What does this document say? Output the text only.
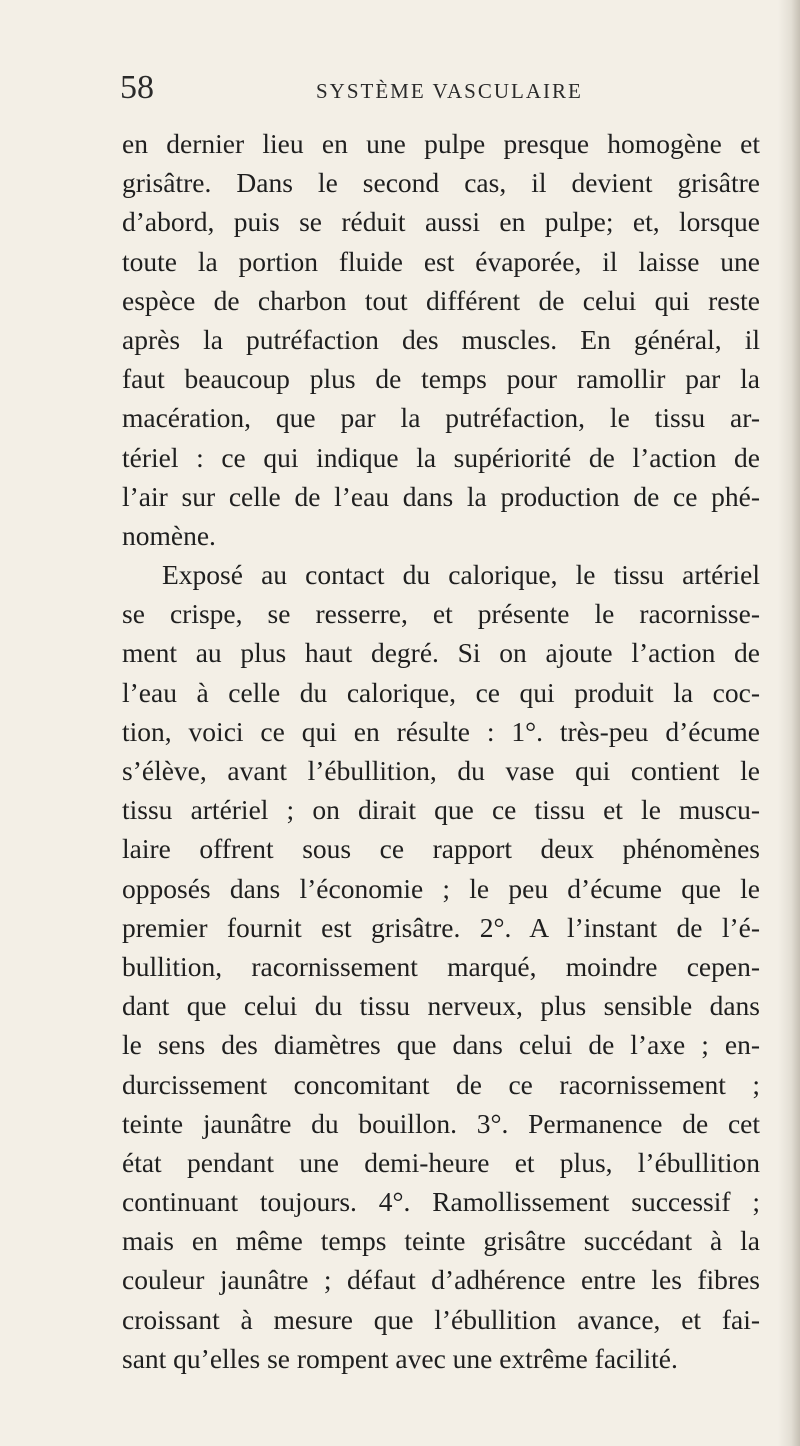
58	SYSTÈME VASCULAIRE
en dernier lieu en une pulpe presque homogène et
grisâtre. Dans le second cas, il devient grisâtre
d’abord, puis se réduit aussi en pulpe; et, lorsque
toute la portion fluide est évaporée, il laisse une
espèce de charbon tout différent de celui qui reste
après la putréfaction des muscles. En général, il
faut beaucoup plus de temps pour ramollir par la
macération, que par la putréfaction, le tissu ar-
tériel : ce qui indique la supériorité de l’action de
l’air sur celle de l’eau dans la production de ce phé-
nomène.
Exposé au contact du calorique, le tissu artériel
se crispe, se resserre, et présente le racornisse-
ment au plus haut degré. Si on ajoute l’action de
l’eau à celle du calorique, ce qui produit la coc-
tion, voici ce qui en résulte : 1°. très-peu d’écume
s’élève, avant l’ébullition, du vase qui contient le
tissu artériel ; on dirait que ce tissu et le muscu-
laire offrent sous ce rapport deux phénomènes
opposés dans l’économie ; le peu d’écume que le
premier fournit est grisâtre. 2°. A l’instant de l’é-
bullition, racornissement marqué, moindre cepen-
dant que celui du tissu nerveux, plus sensible dans
le sens des diamètres que dans celui de l’axe ; en-
durcissement concomitant de ce racornissement ;
teinte jaunâtre du bouillon. 3°. Permanence de cet
état pendant une demi-heure et plus, l’ébullition
continuant toujours. 4°. Ramollissement successif ;
mais en même temps teinte grisâtre succédant à la
couleur jaunâtre ; défaut d’adhérence entre les fibres
croissant à mesure que l’ébullition avance, et fai-
sant qu’elles se rompent avec une extrême facilité.
